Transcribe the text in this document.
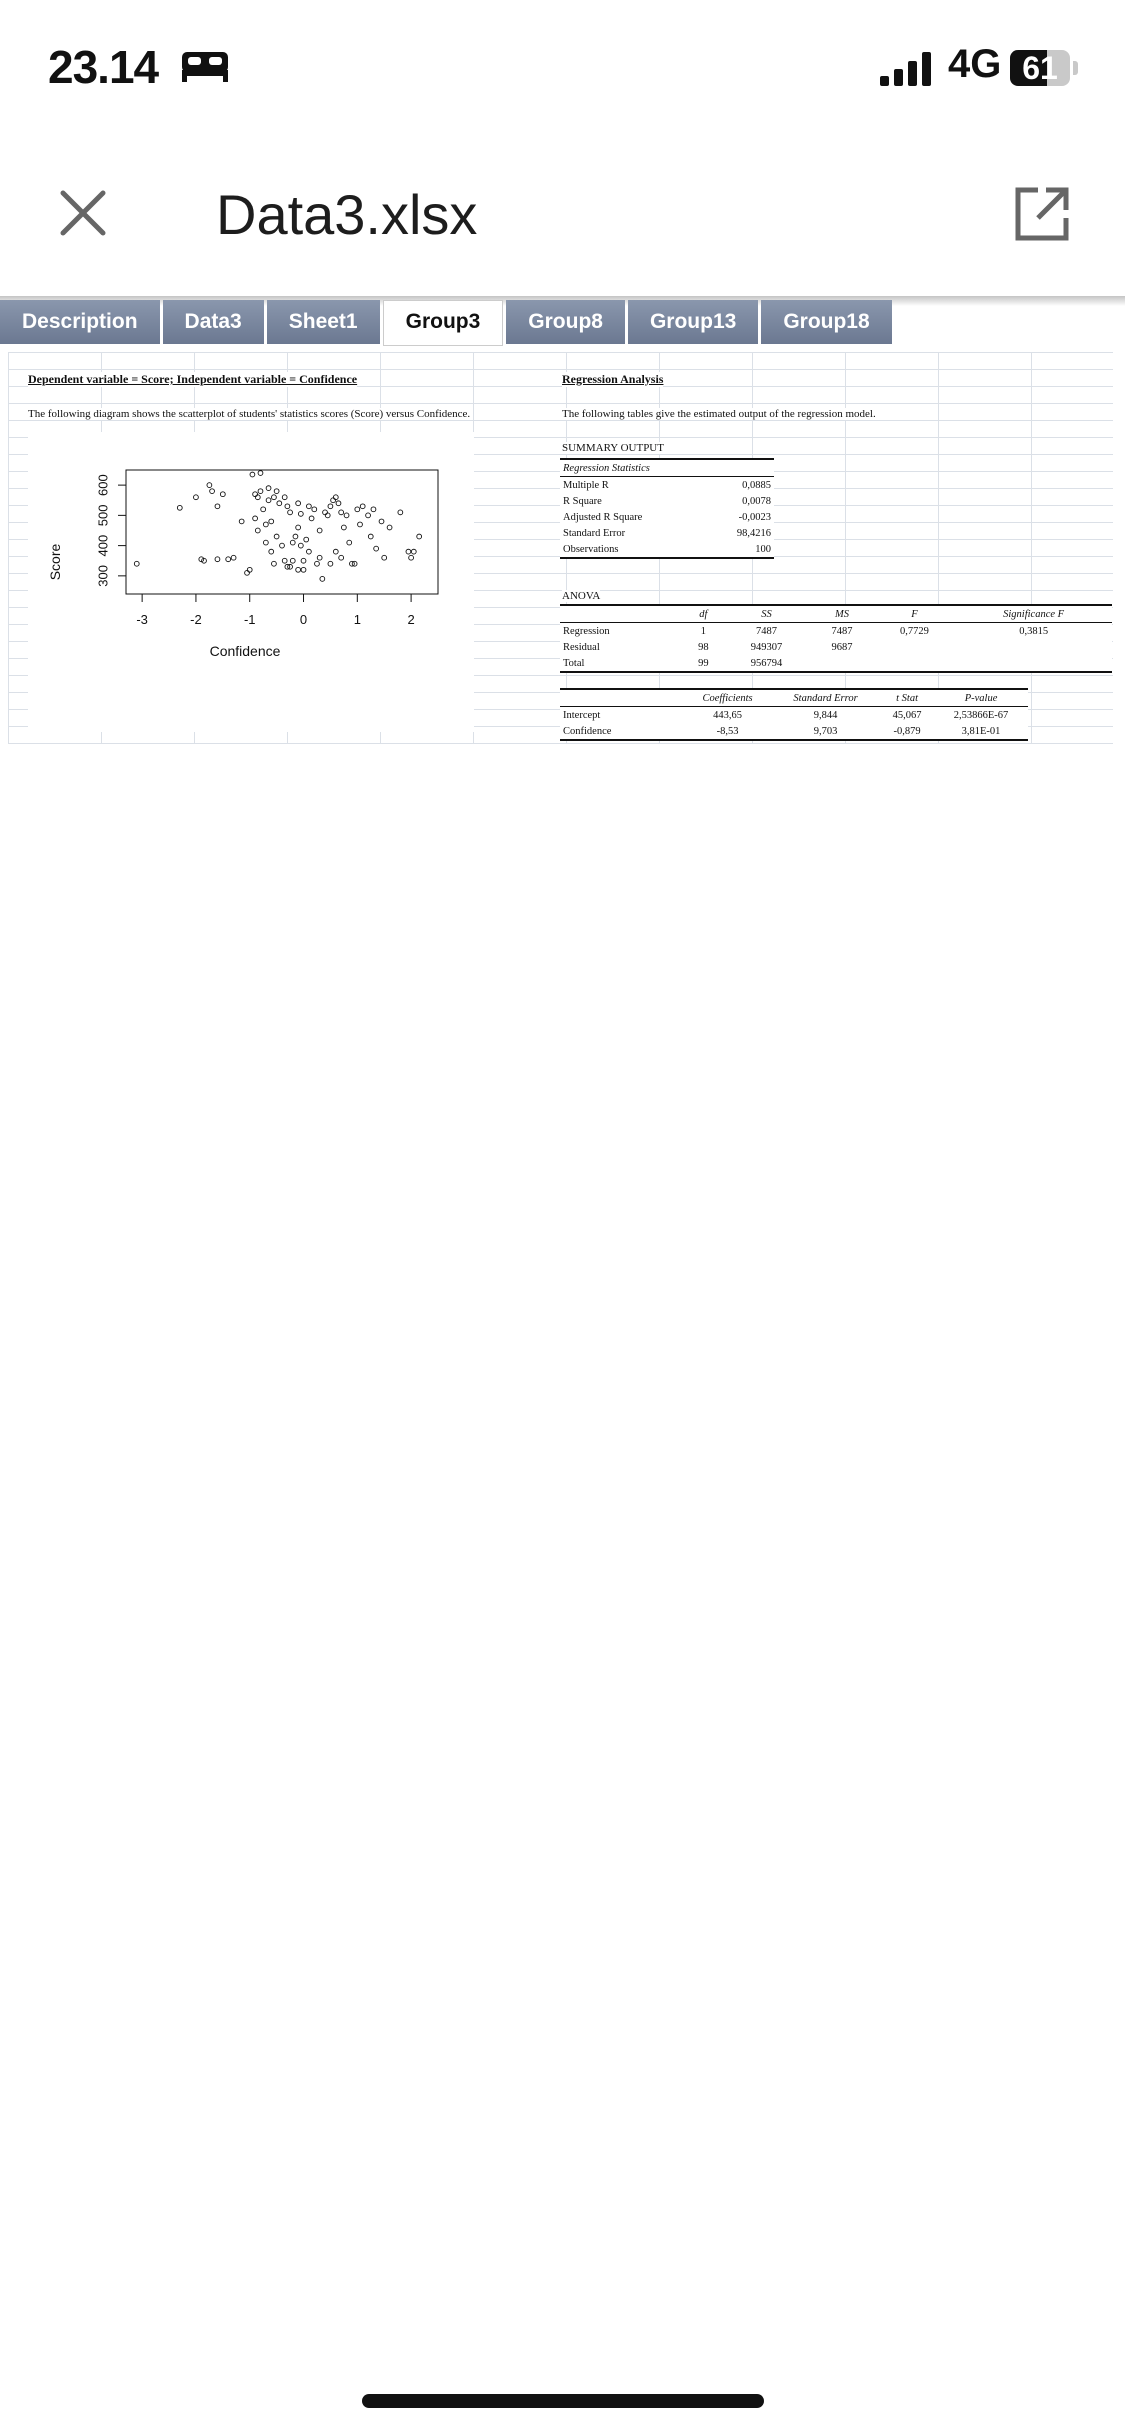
23.14	4G 61
Data3.xlsx
Description	Data3	Sheet1	Group3	Group8	Group13	Group18
Dependent variable = Score; Independent variable = Confidence
The following diagram shows the scatterplot of students' statistics scores (Score) versus Confidence.
Regression Analysis
The following tables give the estimated output of the regression model.
SUMMARY OUTPUT
Regression Statistics	
Multiple R	0,0885
R Square	0,0078
Adjusted R Square	-0,0023
Standard Error	98,4216
Observations	100
ANOVA
	df	SS	MS	F	Significance F
Regression	1	7487	7487	0,7729	0,3815
Residual	98	949307	9687		
Total	99	956794			
	Coefficients	Standard Error	t Stat	P-value
Intercept	443,65	9,844	45,067	2,53866E-67
Confidence	-8,53	9,703	-0,879	3,81E-01
-3	-2	-1	0	1	2
300
400
500
600
Confidence
Score
